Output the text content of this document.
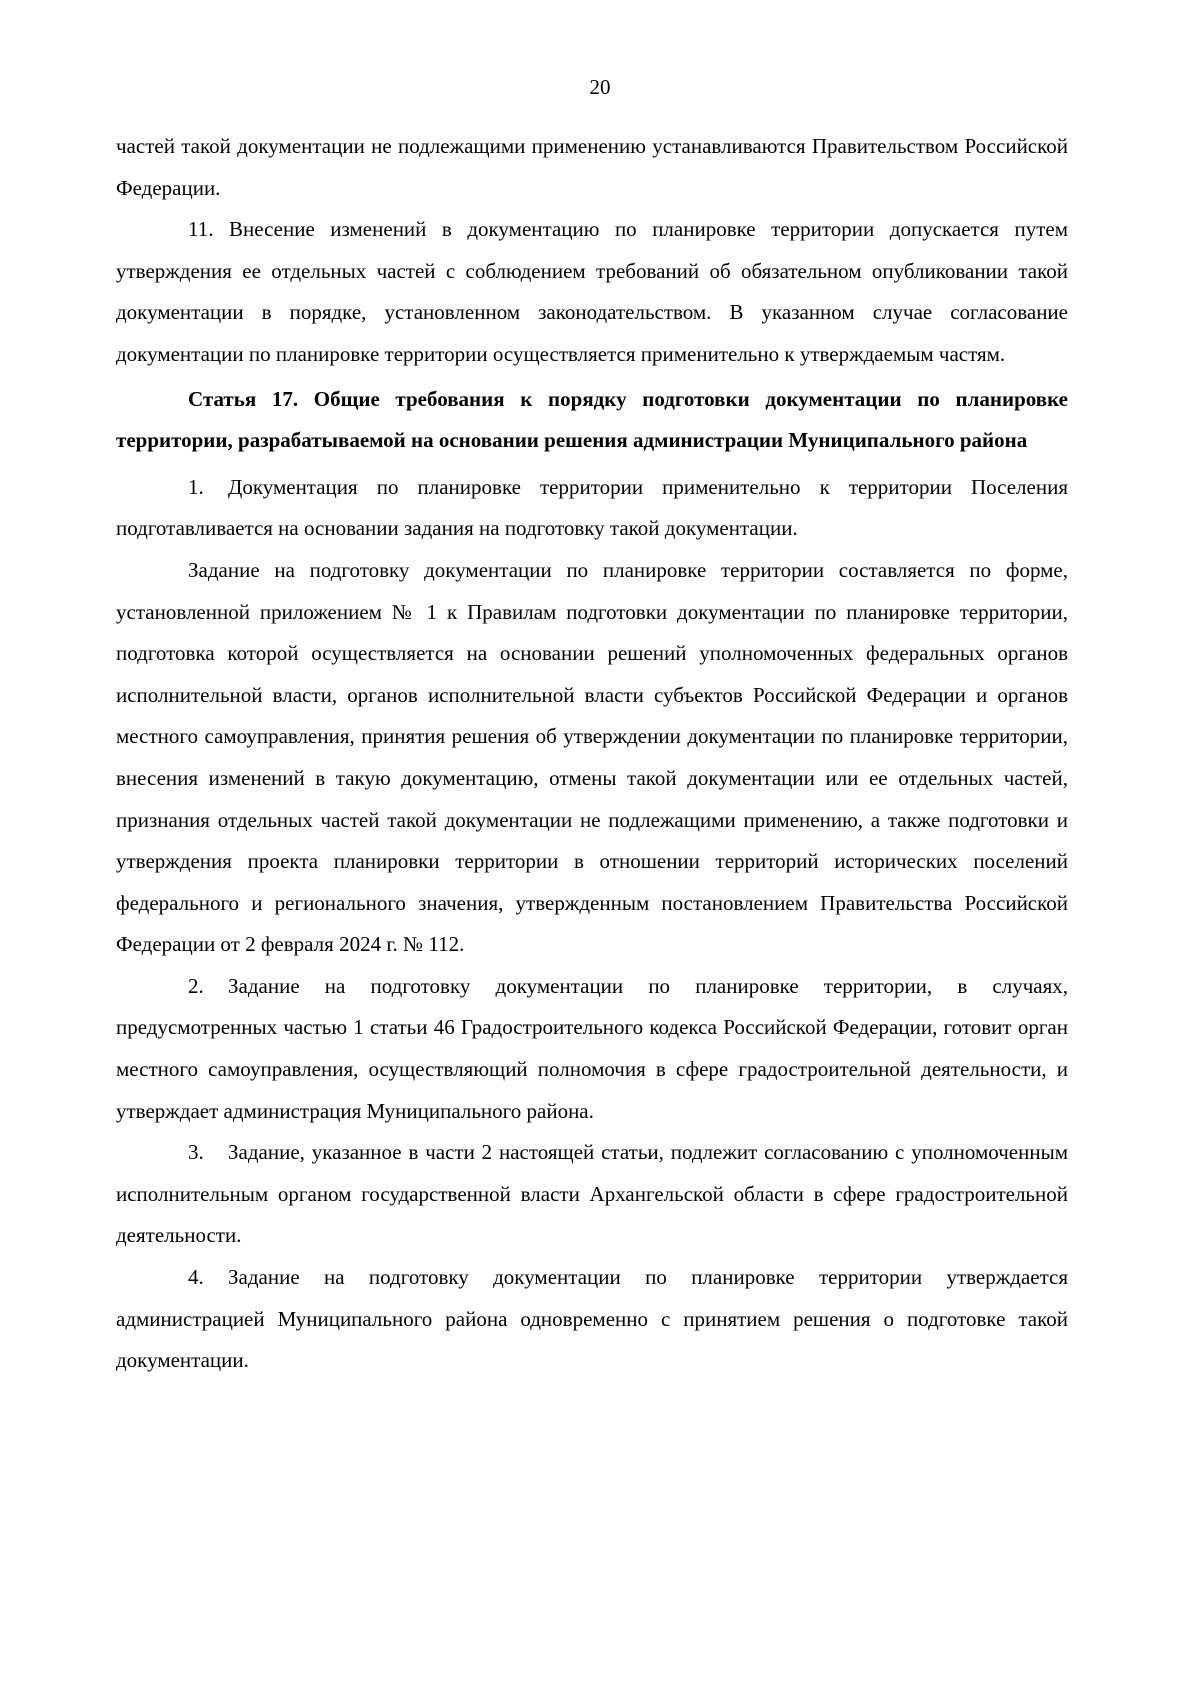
20

частей такой документации не подлежащими применению устанавливаются Правительством Российской Федерации.

11. Внесение изменений в документацию по планировке территории допускается путем утверждения ее отдельных частей с соблюдением требований об обязательном опубликовании такой документации в порядке, установленном законодательством. В указанном случае согласование документации по планировке территории осуществляется применительно к утверждаемым частям.

Статья 17. Общие требования к порядку подготовки документации по планировке территории, разрабатываемой на основании решения администрации Муниципального района

1. Документация по планировке территории применительно к территории Поселения подготавливается на основании задания на подготовку такой документации.

Задание на подготовку документации по планировке территории составляется по форме, установленной приложением № 1 к Правилам подготовки документации по планировке территории, подготовка которой осуществляется на основании решений уполномоченных федеральных органов исполнительной власти, органов исполнительной власти субъектов Российской Федерации и органов местного самоуправления, принятия решения об утверждении документации по планировке территории, внесения изменений в такую документацию, отмены такой документации или ее отдельных частей, признания отдельных частей такой документации не подлежащими применению, а также подготовки и утверждения проекта планировки территории в отношении территорий исторических поселений федерального и регионального значения, утвержденным постановлением Правительства Российской Федерации от 2 февраля 2024 г. № 112.

2. Задание на подготовку документации по планировке территории, в случаях, предусмотренных частью 1 статьи 46 Градостроительного кодекса Российской Федерации, готовит орган местного самоуправления, осуществляющий полномочия в сфере градостроительной деятельности, и утверждает администрация Муниципального района.

3. Задание, указанное в части 2 настоящей статьи, подлежит согласованию с уполномоченным исполнительным органом государственной власти Архангельской области в сфере градостроительной деятельности.

4. Задание на подготовку документации по планировке территории утверждается администрацией Муниципального района одновременно с принятием решения о подготовке такой документации.
